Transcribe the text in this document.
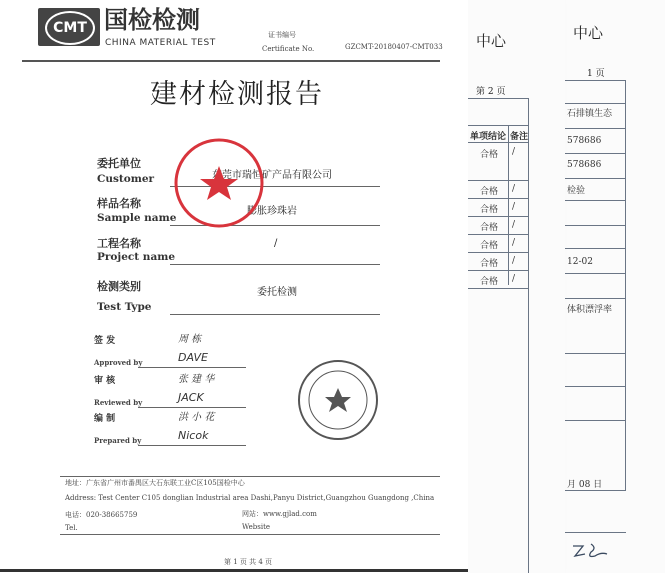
中心
1 页
石排镇生态
578686
578686
检验
12-02
体积漂浮率
月 08 日
中心
第 2 页
单项结论 备注
合格 /
合格 /
合格 /
合格 /
合格 /
合格 /
合格 /
CMT 国检检测
CHINA MATERIAL TEST
证书编号
Certificate No.	GZCMT-20180407-CMT033
建材检测报告
委托单位
Customer	东莞市瑞恒矿产品有限公司
样品名称
Sample name
膨胀珍珠岩
工程名称
Project name
/
检测类别
Test Type
委托检测
签 发	周 栋
Approved by	DAVE
审 核	张 建 华
Reviewed by	JACK
编 制	洪 小 花
Prepared by	Nicok
地址：广东省广州市番禺区大石东联工业C区105国检中心
Address: Test Center C105 donglian Industrial area Dashi,Panyu District,Guangzhou Guangdong ,China
电话：020-38665759
Tel.
网站：www.gjlad.com
Website
第 1 页 共 4 页
